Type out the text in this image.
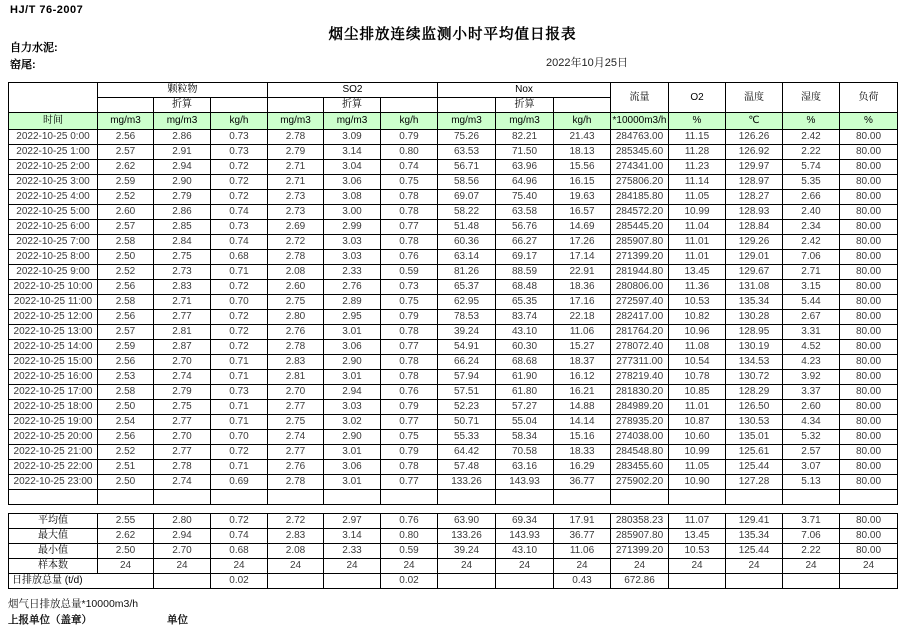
HJ/T 76-2007
烟尘排放连续监测小时平均值日报表
自力水泥:
窑尾:	2022年10月25日
	颗粒物			SO2			Nox			流量	O2	温度	湿度	负荷
		折算			折算			折算						
时间	mg/m3	mg/m3	kg/h	mg/m3	mg/m3	kg/h	mg/m3	mg/m3	kg/h	*10000m3/h	%	℃	%	%
2022-10-25 0:00	2.56	2.86	0.73	2.78	3.09	0.79	75.26	82.21	21.43	284763.00	11.15	126.26	2.42	80.00
2022-10-25 1:00	2.57	2.91	0.73	2.79	3.14	0.80	63.53	71.50	18.13	285345.60	11.28	126.92	2.22	80.00
2022-10-25 2:00	2.62	2.94	0.72	2.71	3.04	0.74	56.71	63.96	15.56	274341.00	11.23	129.97	5.74	80.00
2022-10-25 3:00	2.59	2.90	0.72	2.71	3.06	0.75	58.56	64.96	16.15	275806.20	11.14	128.97	5.35	80.00
2022-10-25 4:00	2.52	2.79	0.72	2.73	3.08	0.78	69.07	75.40	19.63	284185.80	11.05	128.27	2.66	80.00
2022-10-25 5:00	2.60	2.86	0.74	2.73	3.00	0.78	58.22	63.58	16.57	284572.20	10.99	128.93	2.40	80.00
2022-10-25 6:00	2.57	2.85	0.73	2.69	2.99	0.77	51.48	56.76	14.69	285445.20	11.04	128.84	2.34	80.00
2022-10-25 7:00	2.58	2.84	0.74	2.72	3.03	0.78	60.36	66.27	17.26	285907.80	11.01	129.26	2.42	80.00
2022-10-25 8:00	2.50	2.75	0.68	2.78	3.03	0.76	63.14	69.17	17.14	271399.20	11.01	129.01	7.06	80.00
2022-10-25 9:00	2.52	2.73	0.71	2.08	2.33	0.59	81.26	88.59	22.91	281944.80	13.45	129.67	2.71	80.00
2022-10-25 10:00	2.56	2.83	0.72	2.60	2.76	0.73	65.37	68.48	18.36	280806.00	11.36	131.08	3.15	80.00
2022-10-25 11:00	2.58	2.71	0.70	2.75	2.89	0.75	62.95	65.35	17.16	272597.40	10.53	135.34	5.44	80.00
2022-10-25 12:00	2.56	2.77	0.72	2.80	2.95	0.79	78.53	83.74	22.18	282417.00	10.82	130.28	2.67	80.00
2022-10-25 13:00	2.57	2.81	0.72	2.76	3.01	0.78	39.24	43.10	11.06	281764.20	10.96	128.95	3.31	80.00
2022-10-25 14:00	2.59	2.87	0.72	2.78	3.06	0.77	54.91	60.30	15.27	278072.40	11.08	130.19	4.52	80.00
2022-10-25 15:00	2.56	2.70	0.71	2.83	2.90	0.78	66.24	68.68	18.37	277311.00	10.54	134.53	4.23	80.00
2022-10-25 16:00	2.53	2.74	0.71	2.81	3.01	0.78	57.94	61.90	16.12	278219.40	10.78	130.72	3.92	80.00
2022-10-25 17:00	2.58	2.79	0.73	2.70	2.94	0.76	57.51	61.80	16.21	281830.20	10.85	128.29	3.37	80.00
2022-10-25 18:00	2.50	2.75	0.71	2.77	3.03	0.79	52.23	57.27	14.88	284989.20	11.01	126.50	2.60	80.00
2022-10-25 19:00	2.54	2.77	0.71	2.75	3.02	0.77	50.71	55.04	14.14	278935.20	10.87	130.53	4.34	80.00
2022-10-25 20:00	2.56	2.70	0.70	2.74	2.90	0.75	55.33	58.34	15.16	274038.00	10.60	135.01	5.32	80.00
2022-10-25 21:00	2.52	2.77	0.72	2.77	3.01	0.79	64.42	70.58	18.33	284548.80	10.99	125.61	2.57	80.00
2022-10-25 22:00	2.51	2.78	0.71	2.76	3.06	0.78	57.48	63.16	16.29	283455.60	11.05	125.44	3.07	80.00
2022-10-25 23:00	2.50	2.74	0.69	2.78	3.01	0.77	133.26	143.93	36.77	275902.20	10.90	127.28	5.13	80.00

平均值	2.55	2.80	0.72	2.72	2.97	0.76	63.90	69.34	17.91	280358.23	11.07	129.41	3.71	80.00
最大值	2.62	2.94	0.74	2.83	3.14	0.80	133.26	143.93	36.77	285907.80	13.45	135.34	7.06	80.00
最小值	2.50	2.70	0.68	2.08	2.33	0.59	39.24	43.10	11.06	271399.20	10.53	125.44	2.22	80.00
样本数	24	24	24	24	24	24	24	24	24	24	24	24	24	24
日排放总量 (t/d)			0.02			0.02			0.43	672.86				
烟气日排放总量*10000m3/h
上报单位（盖章）	单位
